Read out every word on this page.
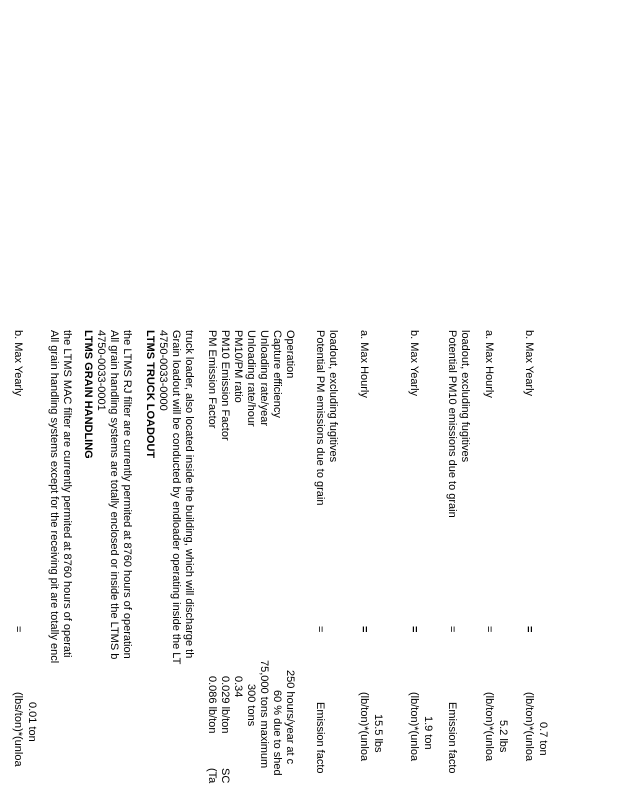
b. Max Yearly
=
(lbs/ton)*(unloa 0.01 ton
All grain handling systems except for the receiving pit are totally encl the LTMS MAC filter are currently permited at 8760 hours of operati LTMS GRAIN HANDLING 4750-0033-0001 All grain handling systems are totally enclosed or inside the LTMS b the LTMS RJ filter are currently permited at 8760 hours of operation LTMS TRUCK LOADOUT 4750-0033-0000 Grain loadout will be conducted by endloader operating inside the LT truck loader, also located inside the building, which will discharge th PM Emission Factor
0.086 lb/ton
(Ta
PM10 Emission Factor
0.029 lb/ton
SC
PM10/PM ratio
0.34
Unloading rate/hour
300 tons
Unloading rate/year
75,000 tons maximum
Capture efficiency
60 % due to shed
Operation
250 hours/year at c
Potential PM emissions due to grain loadout, excluding fugitives
=
Emission facto
a. Max Hourly
=
(lb/ton)*(unloa 15.5 lbs
b. Max Yearly
=
(lb/ton)*(unloa 1.9 ton
Potential PM10 emissions due to grain loadout, excluding fugitives
=
Emission facto
a. Max Hourly
=
(lb/ton)*(unloa 5.2 lbs
b. Max Yearly
=
(lb/ton)*(unloa 0.7 ton
